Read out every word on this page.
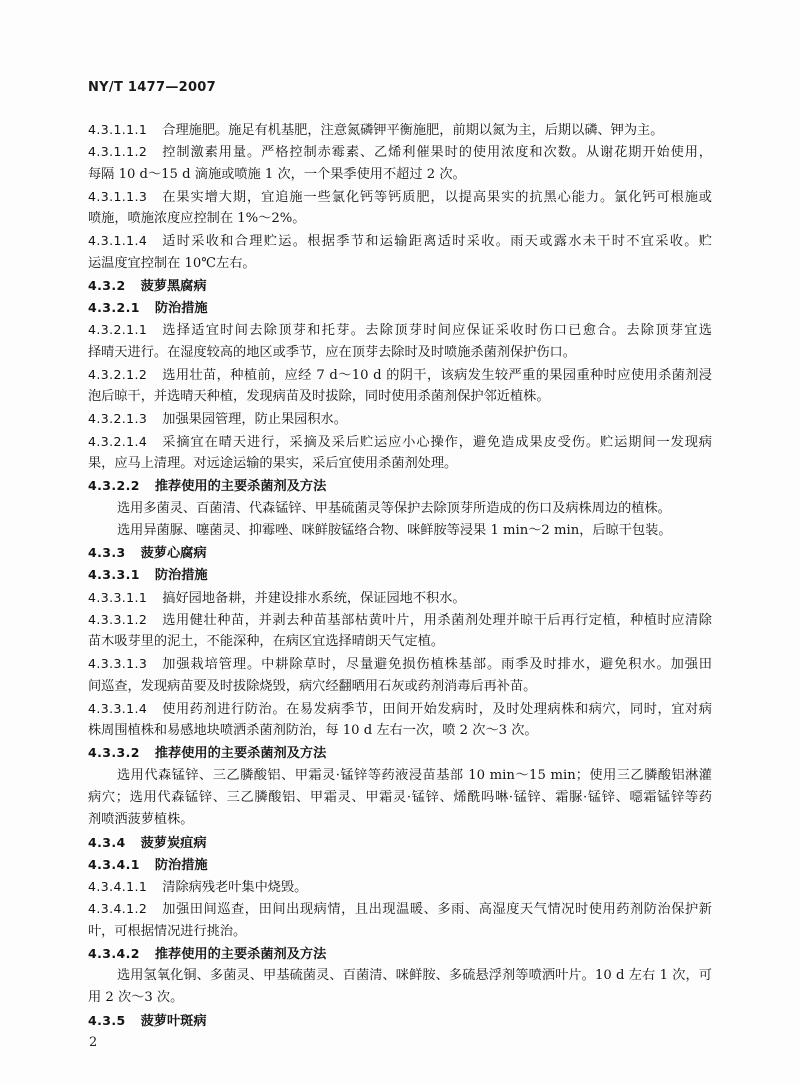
NY/T 1477—2007
4.3.1.1.1 合理施肥。施足有机基肥，注意氮磷钾平衡施肥，前期以氮为主，后期以磷、钾为主。
4.3.1.1.2 控制激素用量。严格控制赤霉素、乙烯利催果时的使用浓度和次数。从谢花期开始使用，
每隔 10 d～15 d 滴施或喷施 1 次，一个果季使用不超过 2 次。
4.3.1.1.3 在果实增大期，宜追施一些氯化钙等钙质肥，以提高果实的抗黑心能力。氯化钙可根施或
喷施，喷施浓度应控制在 1%～2%。
4.3.1.1.4 适时采收和合理贮运。根据季节和运输距离适时采收。雨天或露水未干时不宜采收。贮
运温度宜控制在 10℃左右。
4.3.2 菠萝黑腐病
4.3.2.1 防治措施
4.3.2.1.1 选择适宜时间去除顶芽和托芽。去除顶芽时间应保证采收时伤口已愈合。去除顶芽宜选
择晴天进行。在湿度较高的地区或季节，应在顶芽去除时及时喷施杀菌剂保护伤口。
4.3.2.1.2 选用壮苗，种植前，应经 7 d～10 d 的阴干，该病发生较严重的果园重种时应使用杀菌剂浸
泡后晾干，并选晴天种植，发现病苗及时拔除，同时使用杀菌剂保护邻近植株。
4.3.2.1.3 加强果园管理，防止果园积水。
4.3.2.1.4 采摘宜在晴天进行，采摘及采后贮运应小心操作，避免造成果皮受伤。贮运期间一发现病
果，应马上清理。对远途运输的果实，采后宜使用杀菌剂处理。
4.3.2.2 推荐使用的主要杀菌剂及方法
选用多菌灵、百菌清、代森锰锌、甲基硫菌灵等保护去除顶芽所造成的伤口及病株周边的植株。
选用异菌脲、噻菌灵、抑霉唑、咪鲜胺锰络合物、咪鲜胺等浸果 1 min～2 min，后晾干包装。
4.3.3 菠萝心腐病
4.3.3.1 防治措施
4.3.3.1.1 搞好园地备耕，并建设排水系统，保证园地不积水。
4.3.3.1.2 选用健壮种苗，并剥去种苗基部枯黄叶片，用杀菌剂处理并晾干后再行定植，种植时应清除
苗木吸芽里的泥土，不能深种，在病区宜选择晴朗天气定植。
4.3.3.1.3 加强栽培管理。中耕除草时，尽量避免损伤植株基部。雨季及时排水，避免积水。加强田
间巡查，发现病苗要及时拔除烧毁，病穴经翻晒用石灰或药剂消毒后再补苗。
4.3.3.1.4 使用药剂进行防治。在易发病季节，田间开始发病时，及时处理病株和病穴，同时，宜对病
株周围植株和易感地块喷洒杀菌剂防治，每 10 d 左右一次，喷 2 次～3 次。
4.3.3.2 推荐使用的主要杀菌剂及方法
选用代森锰锌、三乙膦酸铝、甲霜灵·锰锌等药液浸苗基部 10 min～15 min；使用三乙膦酸铝淋灌
病穴；选用代森锰锌、三乙膦酸铝、甲霜灵、甲霜灵·锰锌、烯酰吗啉·锰锌、霜脲·锰锌、噁霜锰锌等药
剂喷洒菠萝植株。
4.3.4 菠萝炭疽病
4.3.4.1 防治措施
4.3.4.1.1 清除病残老叶集中烧毁。
4.3.4.1.2 加强田间巡查，田间出现病情，且出现温暖、多雨、高湿度天气情况时使用药剂防治保护新
叶，可根据情况进行挑治。
4.3.4.2 推荐使用的主要杀菌剂及方法
选用氢氧化铜、多菌灵、甲基硫菌灵、百菌清、咪鲜胺、多硫悬浮剂等喷洒叶片。10 d 左右 1 次，可
用 2 次～3 次。
4.3.5 菠萝叶斑病
2
